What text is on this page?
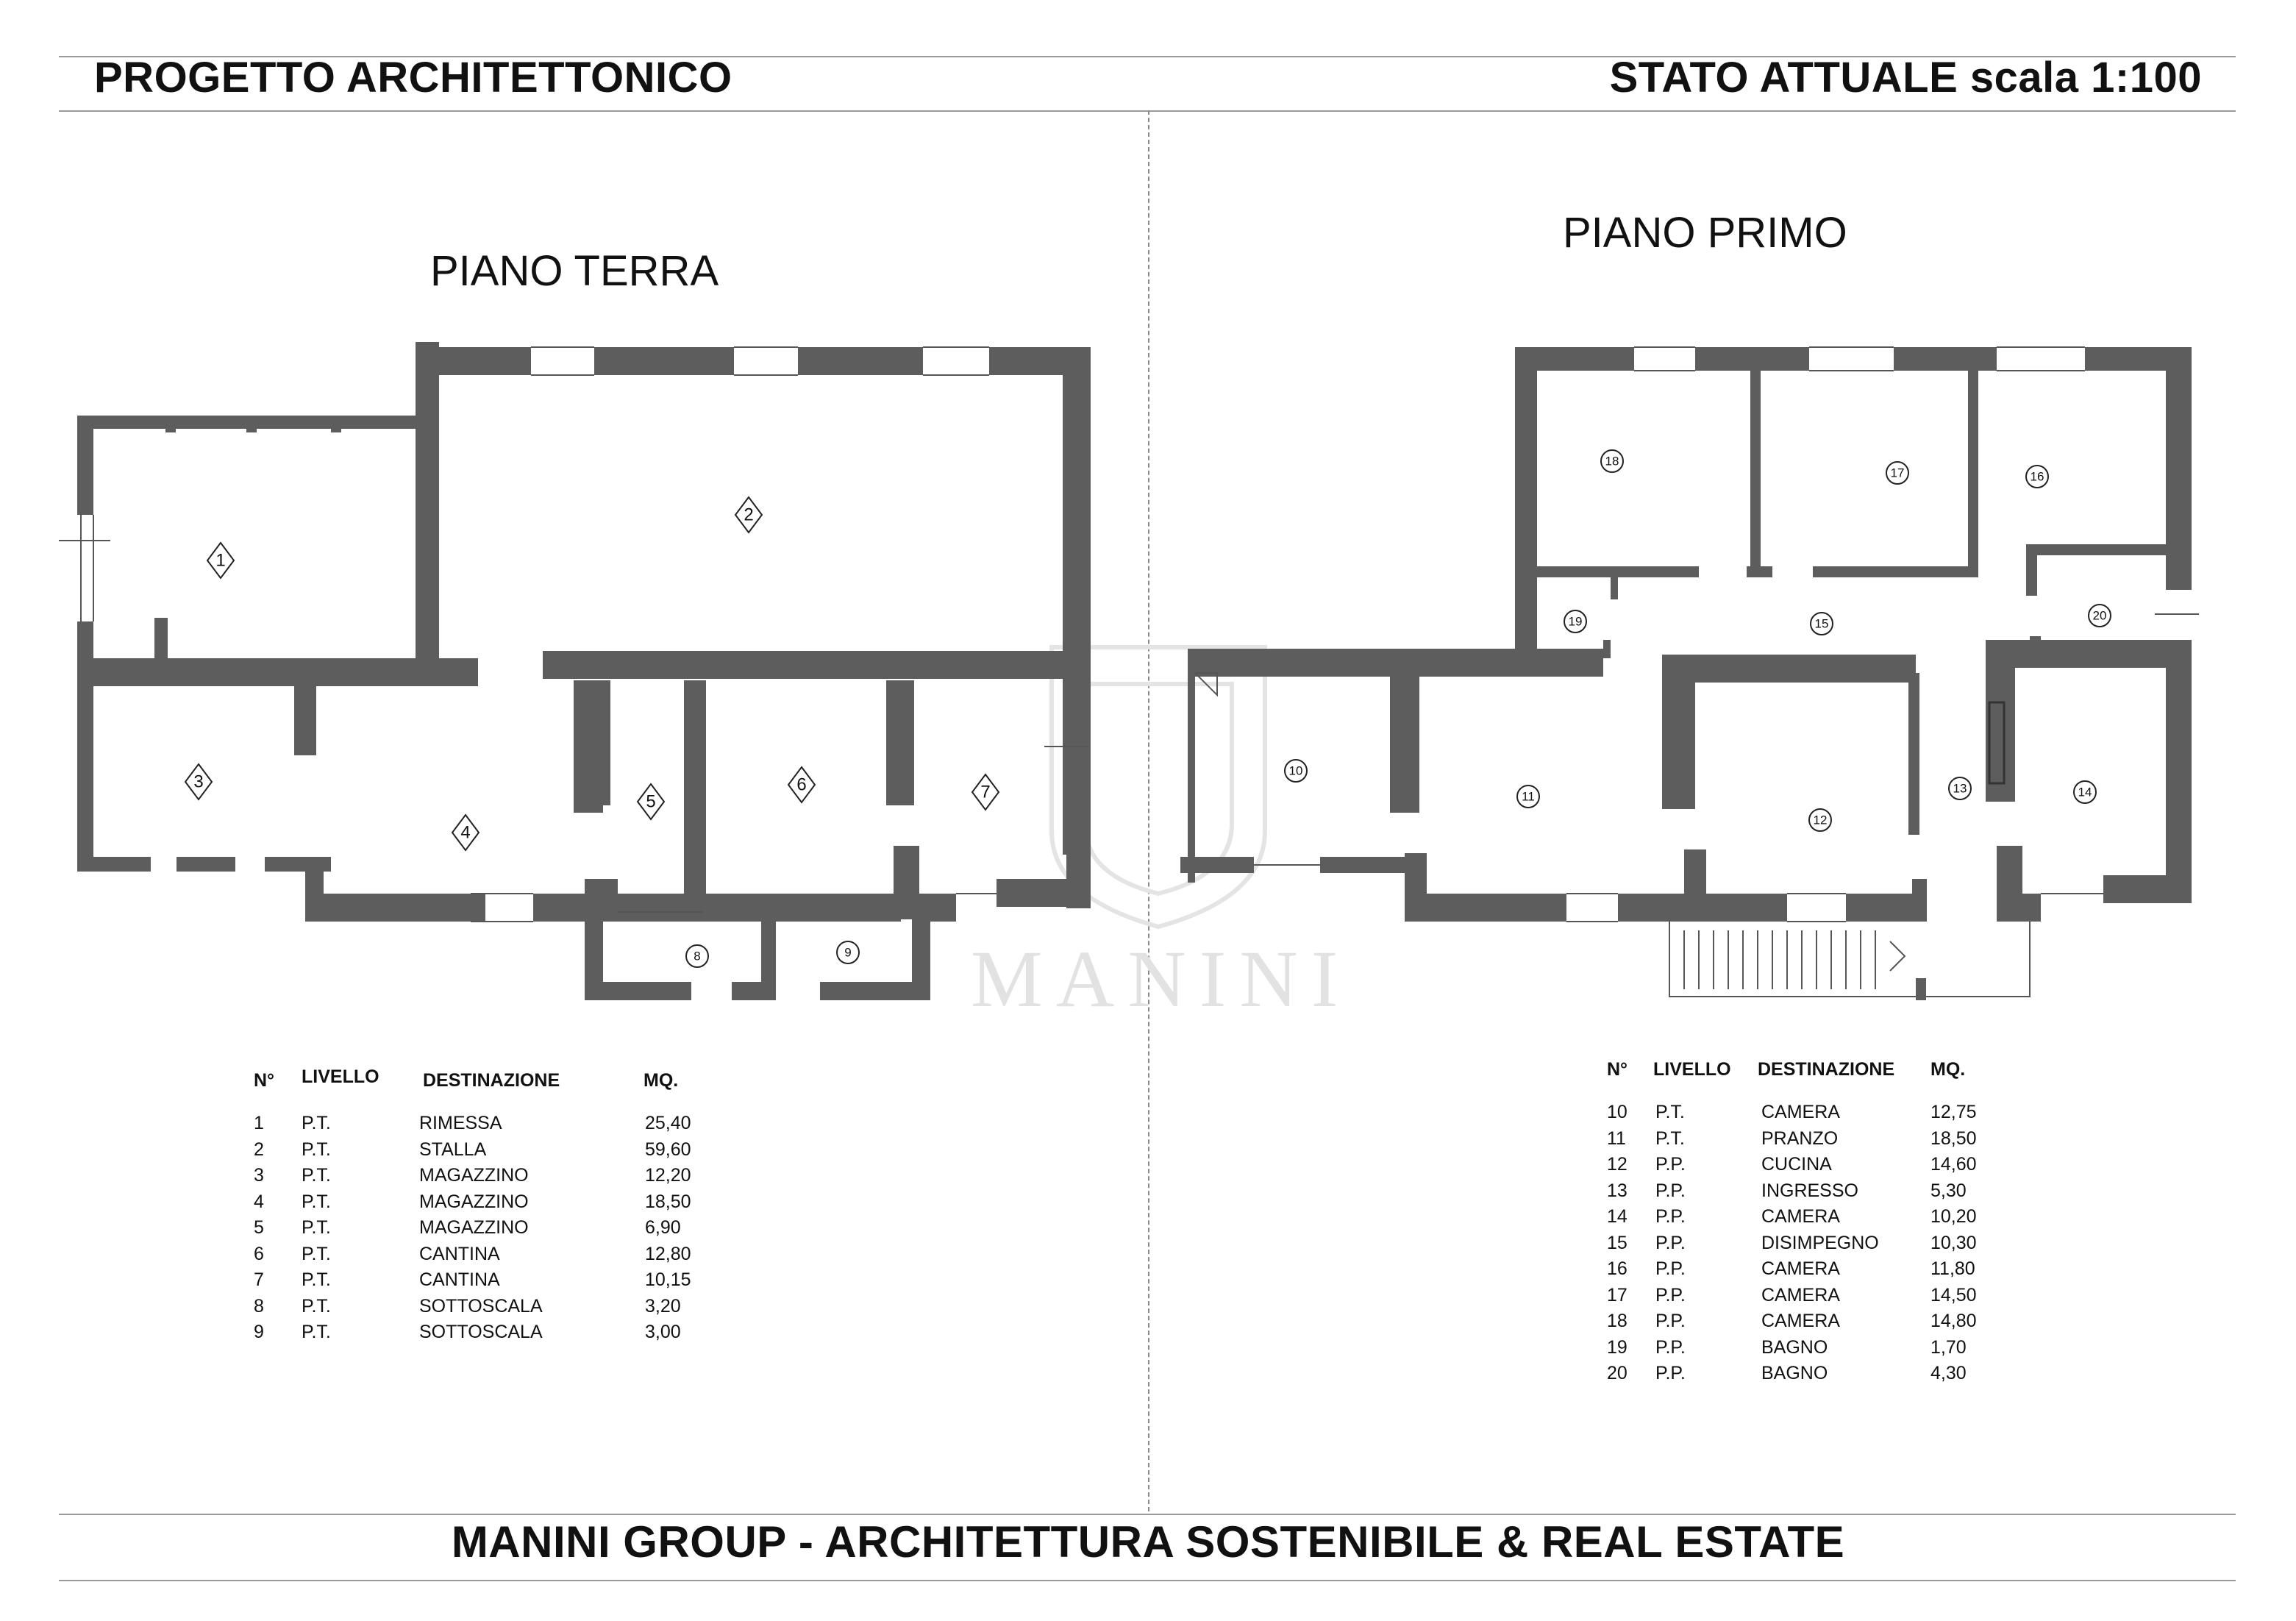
PROGETTO ARCHITETTONICO	STATO ATTUALE scala 1:100
PIANO TERRA
PIANO PRIMO
MANINI
1
2
3
4
5
6	7
8	9
10
11
12
13	14
15
16
17
18
19	20
N° LIVELLO DESTINAZIONE	MQ.
1 P.T.	RIMESSA	25,40
2 P.T.	STALLA	59,60
3 P.T.	MAGAZZINO	12,20
4 P.T.	MAGAZZINO	18,50
5 P.T.	MAGAZZINO	6,90
6 P.T.	CANTINA	12,80
7 P.T.	CANTINA	10,15
8 P.T.	SOTTOSCALA	3,20
9 P.T.	SOTTOSCALA	3,00
N° LIVELLO DESTINAZIONE MQ.
10 P.T.	CAMERA	12,75
11 P.T.	PRANZO	18,50
12 P.P.	CUCINA	14,60
13 P.P.	INGRESSO	5,30
14 P.P.	CAMERA	10,20
15 P.P.	DISIMPEGNO	10,30
16 P.P.	CAMERA	11,80
17 P.P.	CAMERA	14,50
18 P.P.	CAMERA	14,80
19 P.P.	BAGNO	1,70
20 P.P.	BAGNO	4,30
MANINI GROUP - ARCHITETTURA SOSTENIBILE & REAL ESTATE
